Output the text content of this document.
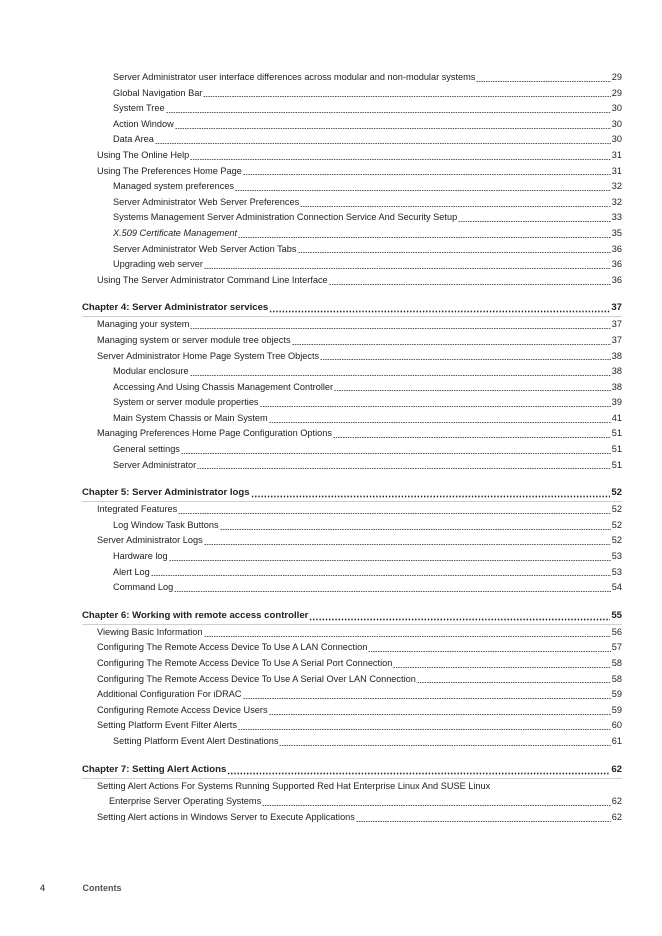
Server Administrator user interface differences across modular and non-modular systems	29
Global Navigation Bar	29
System Tree	30
Action Window	30
Data Area	30
Using The Online Help	31
Using The Preferences Home Page	31
Managed system preferences	32
Server Administrator Web Server Preferences	32
Systems Management Server Administration Connection Service And Security Setup	33
X.509 Certificate Management	35
Server Administrator Web Server Action Tabs	36
Upgrading web server	36
Using The Server Administrator Command Line Interface	36
Chapter 4: Server Administrator services	37
Managing your system	37
Managing system or server module tree objects	37
Server Administrator Home Page System Tree Objects	38
Modular enclosure	38
Accessing And Using Chassis Management Controller	38
System or server module properties	39
Main System Chassis or Main System	41
Managing Preferences Home Page Configuration Options	51
General settings	51
Server Administrator	51
Chapter 5: Server Administrator logs	52
Integrated Features	52
Log Window Task Buttons	52
Server Administrator Logs	52
Hardware log	53
Alert Log	53
Command Log	54
Chapter 6: Working with remote access controller	55
Viewing Basic Information	56
Configuring The Remote Access Device To Use A LAN Connection	57
Configuring The Remote Access Device To Use A Serial Port Connection	58
Configuring The Remote Access Device To Use A Serial Over LAN Connection	58
Additional Configuration For iDRAC	59
Configuring Remote Access Device Users	59
Setting Platform Event Filter Alerts	60
Setting Platform Event Alert Destinations	61
Chapter 7: Setting Alert Actions	62
Setting Alert Actions For Systems Running Supported Red Hat Enterprise Linux And SUSE Linux
Enterprise Server Operating Systems	62
Setting Alert actions in Windows Server to Execute Applications	62
4	Contents
